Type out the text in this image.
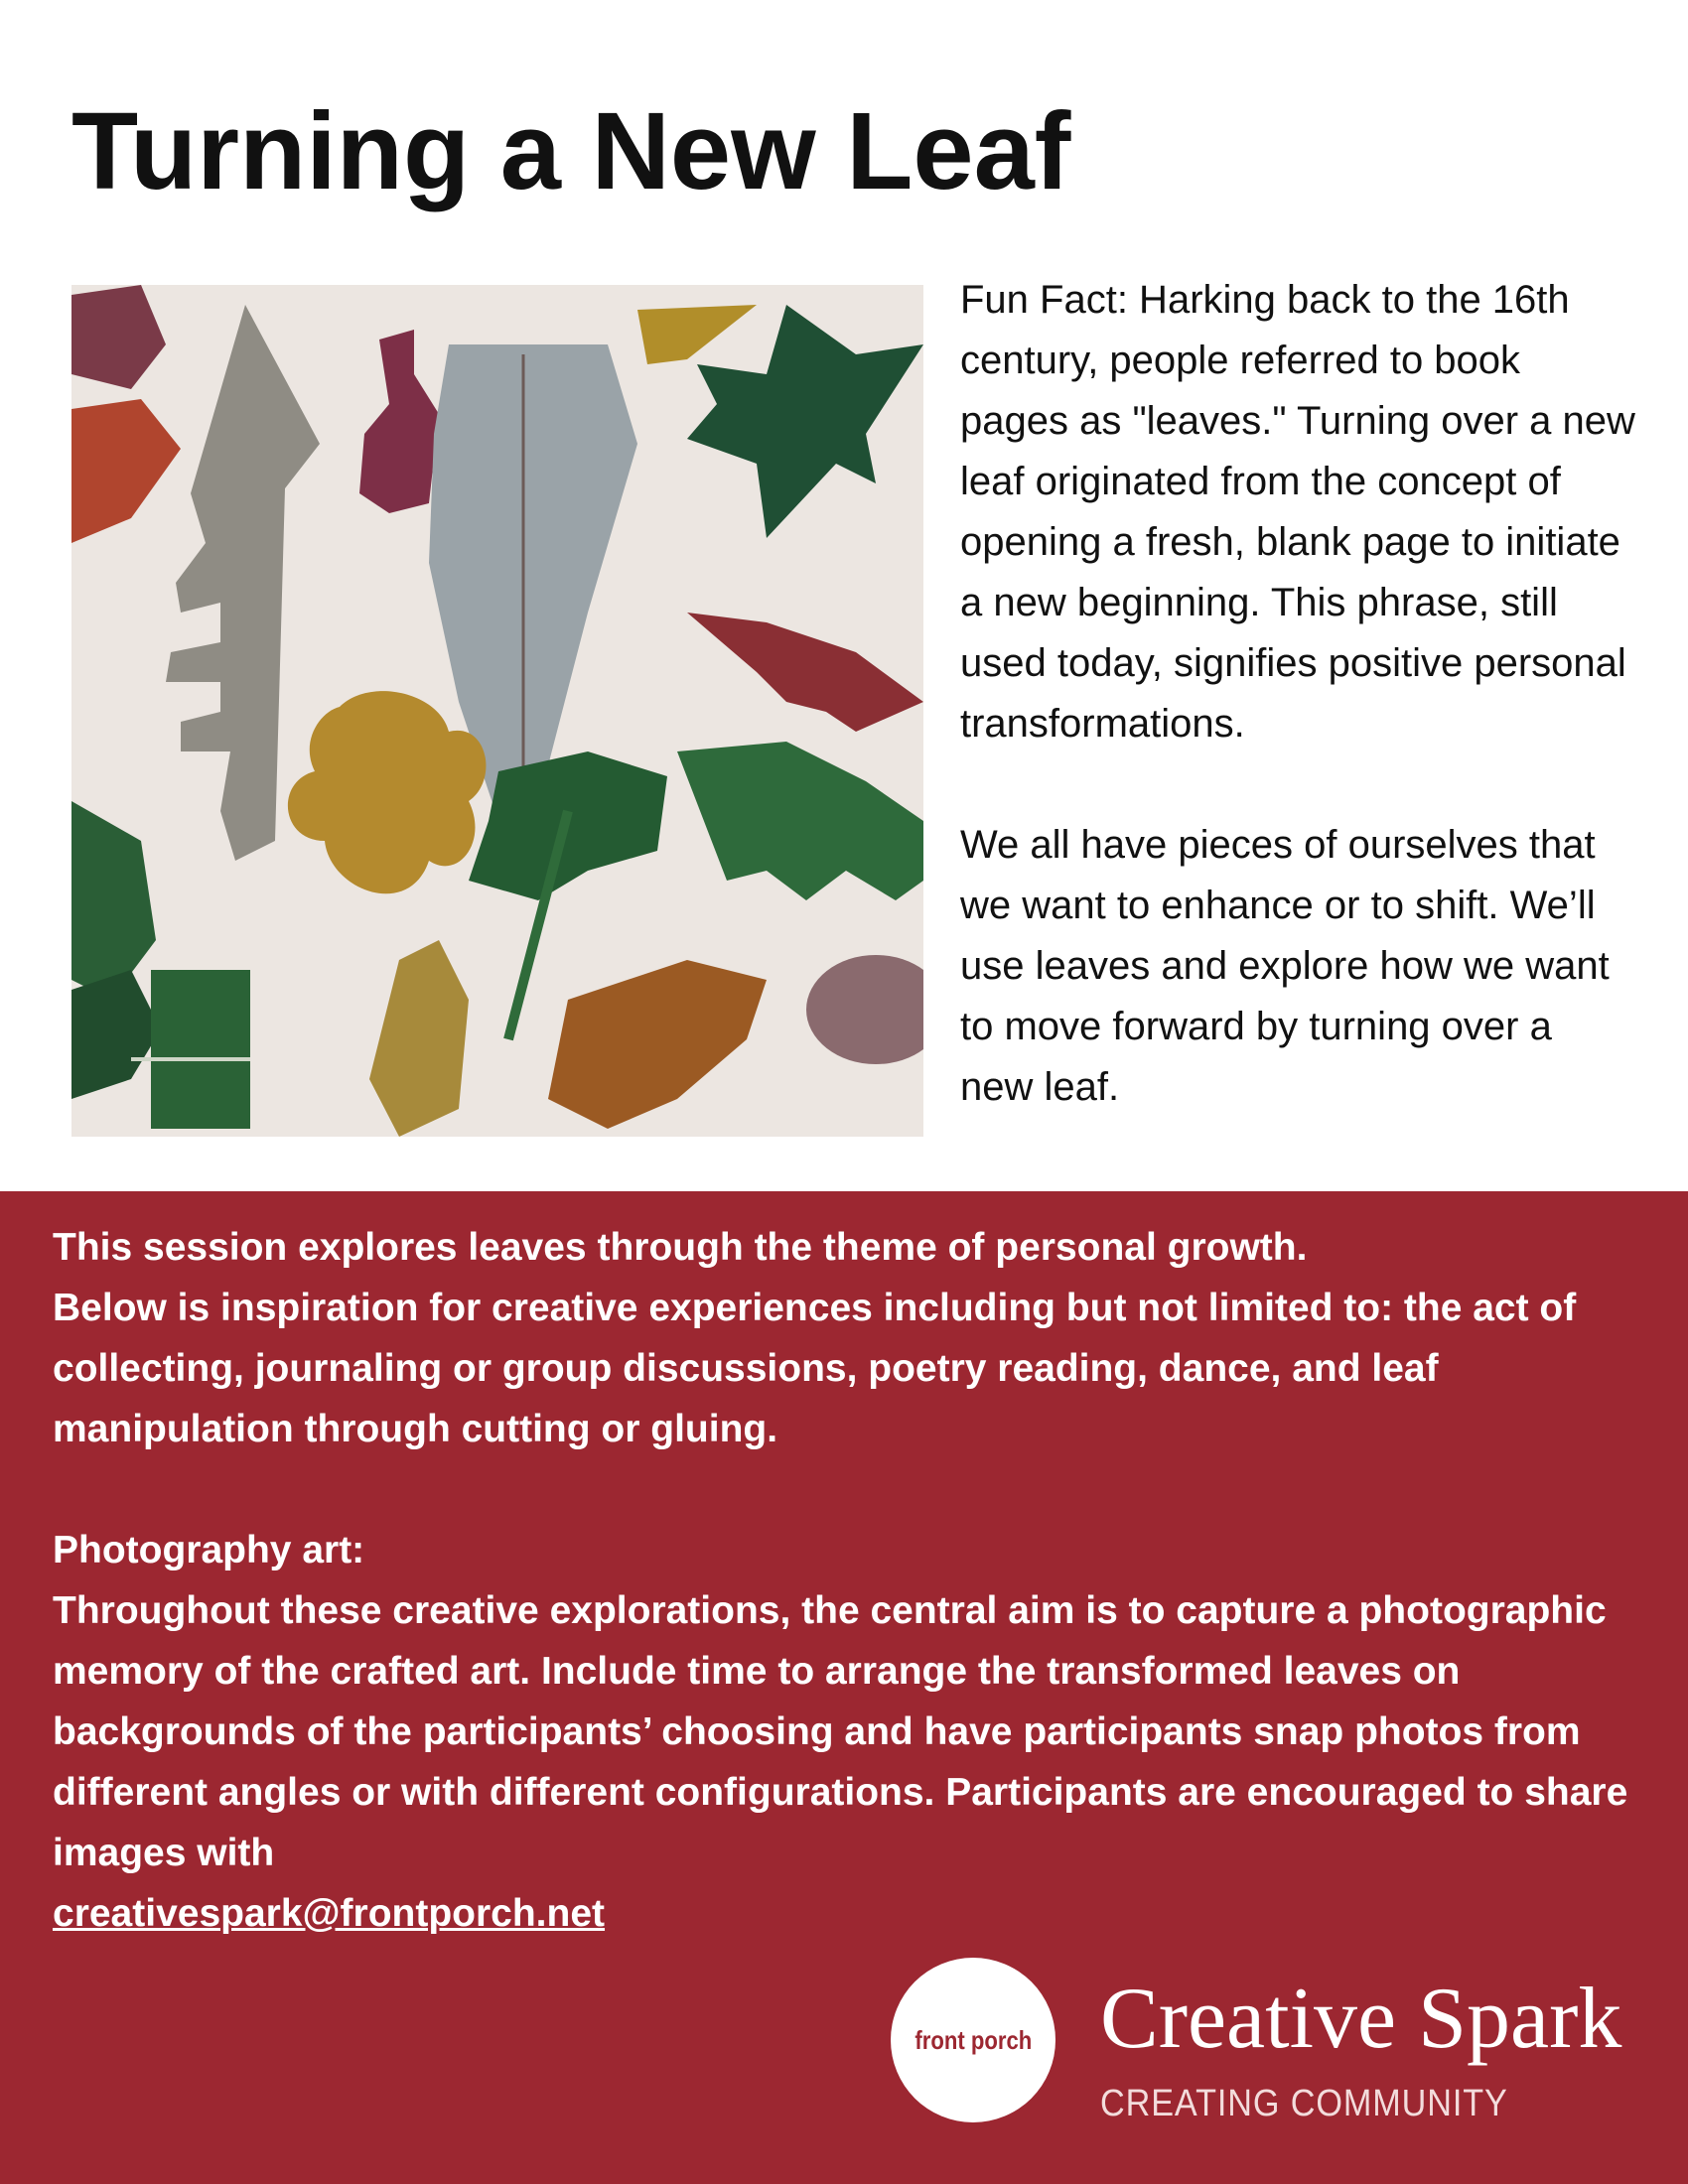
Turning a New Leaf

Fun Fact: Harking back to the 16th century, people referred to book pages as "leaves." Turning over a new leaf originated from the concept of opening a fresh, blank page to initiate a new beginning. This phrase, still used today, signifies positive personal transformations.

We all have pieces of ourselves that we want to enhance or to shift. We’ll use leaves and explore how we want to move forward by turning over a new leaf.

This session explores leaves through the theme of personal growth.

Below is inspiration for creative experiences including but not limited to: the act of collecting, journaling or group discussions, poetry reading, dance, and leaf manipulation through cutting or gluing.

Photography art:

Throughout these creative explorations, the central aim is to capture a photographic memory of the crafted art. Include time to arrange the transformed leaves on backgrounds of the participants’ choosing and have participants snap photos from different angles or with different configurations. Participants are encouraged to share images with

creativespark@frontporch.net

front porch Creative Spark
CREATING COMMUNITY
